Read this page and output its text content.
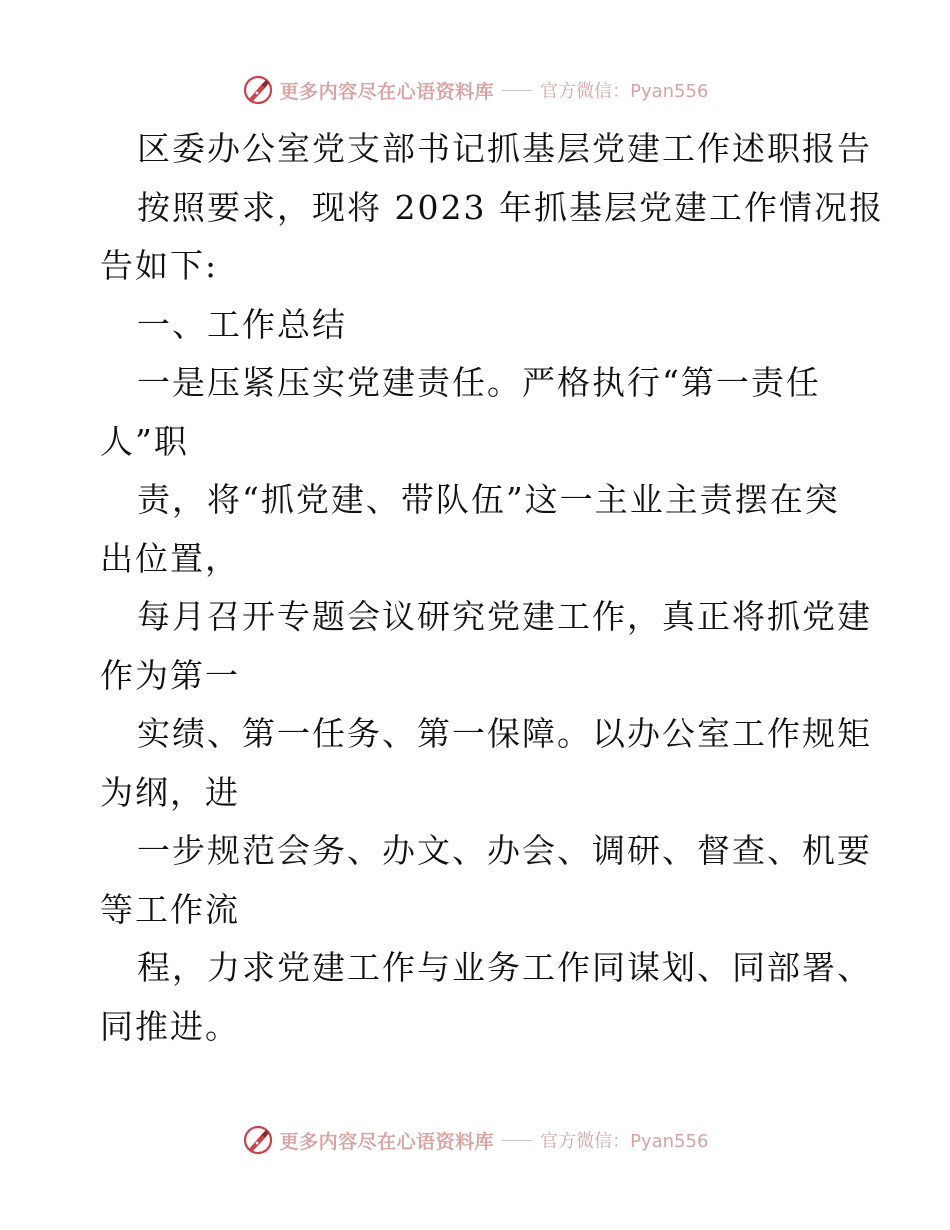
更多内容尽在心语资料库	官方微信：Pyan556
区委办公室党支部书记抓基层党建工作述职报告
按照要求，现将 2023 年抓基层党建工作情况报
告如下:
一、工作总结
一是压紧压实党建责任。严格执行“第一责任
人”职
责，将“抓党建、带队伍”这一主业主责摆在突
出位置，
每月召开专题会议研究党建工作，真正将抓党建
作为第一
实绩、第一任务、第一保障。以办公室工作规矩
为纲，进
一步规范会务、办文、办会、调研、督查、机要
等工作流
程，力求党建工作与业务工作同谋划、同部署、
同推进。
更多内容尽在心语资料库	官方微信：Pyan556
